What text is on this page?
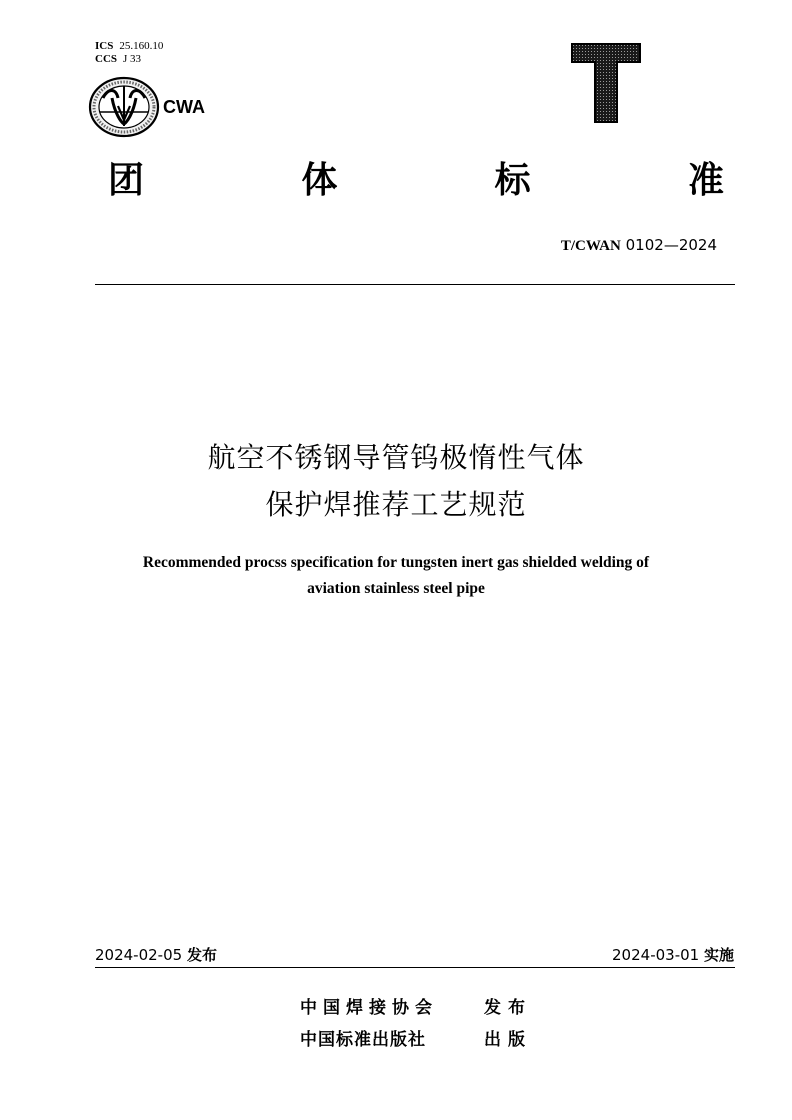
ICS 25.160.10
CCS J 33
CWA
团	体	标	准
T/CWAN 0102—2024
航空不锈钢导管钨极惰性气体
保护焊推荐工艺规范
Recommended procss specification for tungsten inert gas shielded welding of
aviation stainless steel pipe
2024-02-05 发布	2024-03-01 实施
中国焊接协会	发布
中国标准出版社	出版
